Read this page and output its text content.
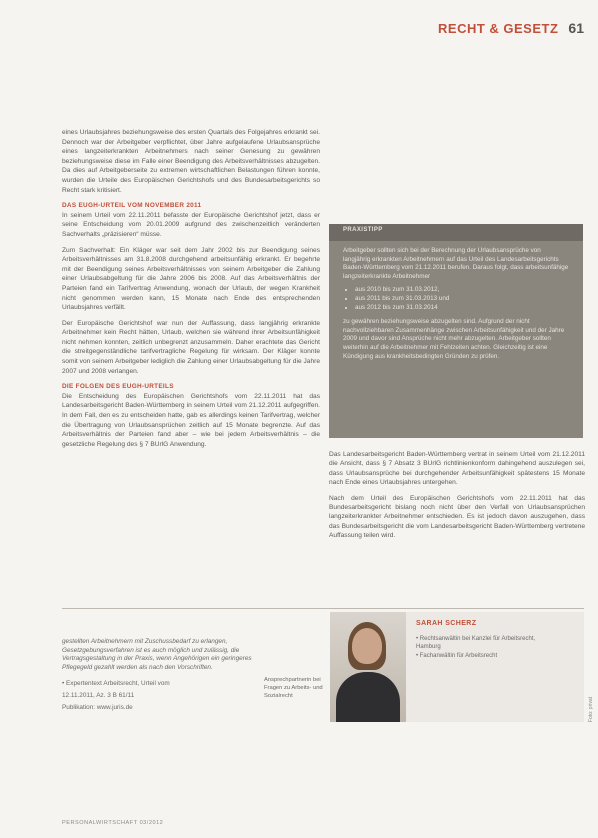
RECHT & GESETZ 61

eines Urlaubsjahres beziehungsweise des ersten Quartals des Folgejahres erkrankt sei. Dennoch war der Arbeitgeber verpflichtet, über Jahre aufgelaufene Urlaubsansprüche eines langzeiterkrankten Arbeitnehmers nach seiner Genesung zu gewähren beziehungsweise diese im Falle einer Beendigung des Arbeitsverhältnisses abzugelten. Da dies auf Arbeitgeberseite zu extremen wirtschaftlichen Belastungen führen konnte, wurden die Urteile des Europäischen Gerichtshofs und des Bundesarbeitsgerichts so Recht stark kritisiert.

DAS EUGH-URTEIL VOM NOVEMBER 2011

In seinem Urteil vom 22.11.2011 befasste der Europäische Gerichtshof jetzt, dass er seine Entscheidung vom 20.01.2009 aufgrund des zwischenzeitlich veränderten Sachverhalts „präzisieren“ müsse.

Zum Sachverhalt: Ein Kläger war seit dem Jahr 2002 bis zur Beendigung seines Arbeitsverhältnisses am 31.8.2008 durchgehend arbeitsunfähig erkrankt. Er begehrte mit der Beendigung seines Arbeitsverhältnisses von seinem Arbeitgeber die Zahlung einer Urlaubsabgeltung für die Jahre 2006 bis 2008. Auf das Arbeitsverhältnis der Parteien fand ein Tarifvertrag Anwendung, wonach der Urlaub, der wegen Krankheit nicht genommen werden kann, 15 Monate nach Ende des entsprechenden Urlaubsjahres verfällt.

Der Europäische Gerichtshof war nun der Auffassung, dass langjährig erkrankte Arbeitnehmer kein Recht hätten, Urlaub, welchen sie während ihrer Arbeitsunfähigkeit nicht nehmen konnten, zeitlich unbegrenzt anzusammeln. Daher erachtete das Gericht die streitgegenständliche tarifvertragliche Regelung für wirksam. Der Kläger konnte somit von seinem Arbeitgeber lediglich die Zahlung einer Urlaubsabgeltung für die Jahre 2007 und 2008 verlangen.

DIE FOLGEN DES EUGH-URTEILS

Die Entscheidung des Europäischen Gerichtshofs vom 22.11.2011 hat das Landesarbeitsgericht Baden-Württemberg in seinem Urteil vom 21.12.2011 aufgegriffen. In dem Fall, den es zu entscheiden hatte, gab es allerdings keinen Tarifvertrag, welcher die Übertragung von Urlaubsansprüchen zeitlich auf 15 Monate begrenzte. Auf das Arbeitsverhältnis der Parteien fand aber – wie bei jedem Arbeitsverhältnis – die gesetzliche Regelung des § 7 BUrlG Anwendung.

PRAXISTIPP

Arbeitgeber sollten sich bei der Berechnung der Urlaubsansprüche von langjährig erkrankten Arbeitnehmern auf das Urteil des Landesarbeitsgerichts Baden-Württemberg vom 21.12.2011 berufen. Daraus folgt, dass arbeitsunfähige langzeiterkrankte Arbeitnehmer

• aus 2010 bis zum 31.03.2012,
• aus 2011 bis zum 31.03.2013 und
• aus 2012 bis zum 31.03.2014

zu gewähren beziehungsweise abzugelten sind. Aufgrund der nicht nachvollziehbaren Zusammenhänge zwischen Arbeitsunfähigkeit und der Jahre 2009 und davor sind Ansprüche nicht mehr abzugelten. Arbeitgeber sollten weiterhin auf die Arbeitnehmer mit Fehlzeiten achten. Gleichzeitig ist eine Kündigung aus krankheitsbedingten Gründen zu prüfen.

Das Landesarbeitsgericht Baden-Württemberg vertrat in seinem Urteil vom 21.12.2011 die Ansicht, dass § 7 Absatz 3 BUrlG richtlinienkonform dahingehend auszulegen sei, dass Urlaubsansprüche bei durchgehender Arbeitsunfähigkeit spätestens 15 Monate nach Ende eines Urlaubsjahres untergehen.

Nach dem Urteil des Europäischen Gerichtshofs vom 22.11.2011 hat das Bundesarbeitsgericht bislang noch nicht über den Verfall von Urlaubsansprüchen langzeiterkrankter Arbeitnehmer entschieden. Es ist jedoch davon auszugehen, dass das Bundesarbeitsgericht die vom Landesarbeitsgericht Baden-Württemberg vertretene Auffassung teilen wird.

gestellten Arbeitnehmern mit Zuschussbedarf zu erlangen, Gesetzgebungsverfahren ist es auch möglich und zulässig, die Vertragsgestaltung in der Praxis, wenn Angehörigen ein geringeres Pflegegeld gezahlt werden als nach den Vorschriften.

• Expertentext Arbeitsrecht, Urteil vom

12.11.2011, Az. 3 B 61/11

Publikation: www.juris.de

Ansprechpartnerin bei Fragen zu Arbeits- und Sozialrecht
SARAH SCHERZ
• Rechtsanwältin bei Kanzlei für Arbeitsrecht,
Hamburg
• Fachanwältin für Arbeitsrecht
Foto: privat
PERSONALWIRTSCHAFT 03/2012
